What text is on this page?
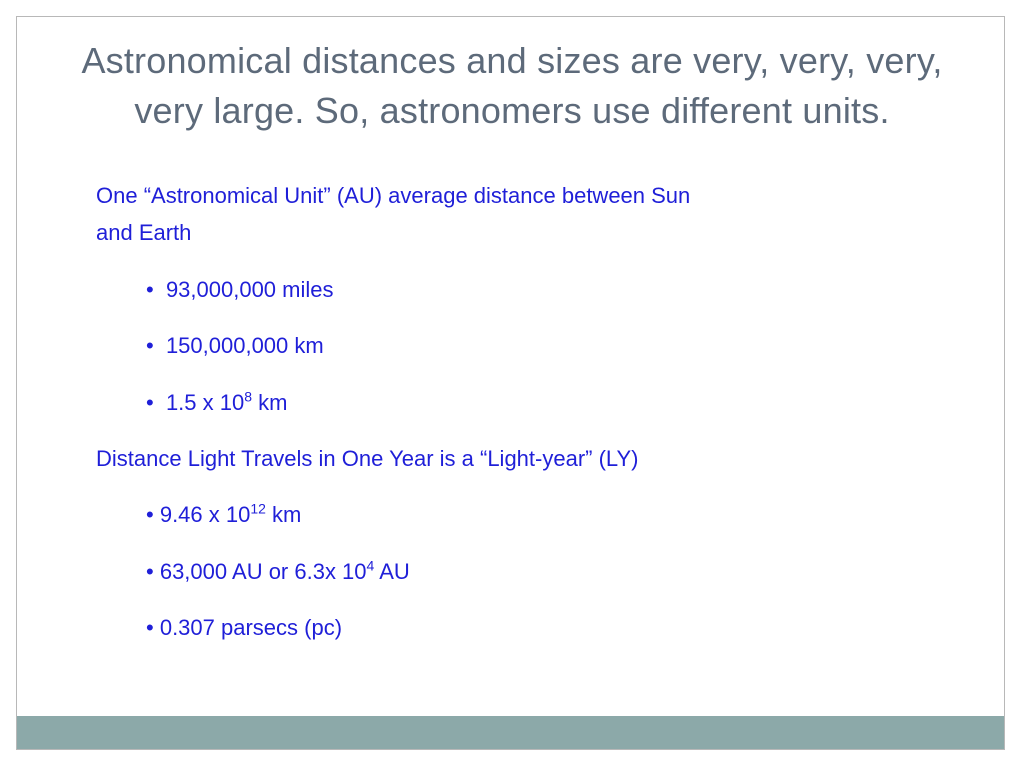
Astronomical distances and sizes are very, very, very,
very large. So, astronomers use different units.
One “Astronomical Unit” (AU) average distance between Sun
and Earth
• 93,000,000 miles
• 150,000,000 km
• 1.5 x $10^8$ km
Distance Light Travels in One Year is a “Light-year” (LY)
• 9.46 x $10^{12}$ km
• 63,000 AU or 6.3x $10^4$ AU
• 0.307 parsecs (pc)
